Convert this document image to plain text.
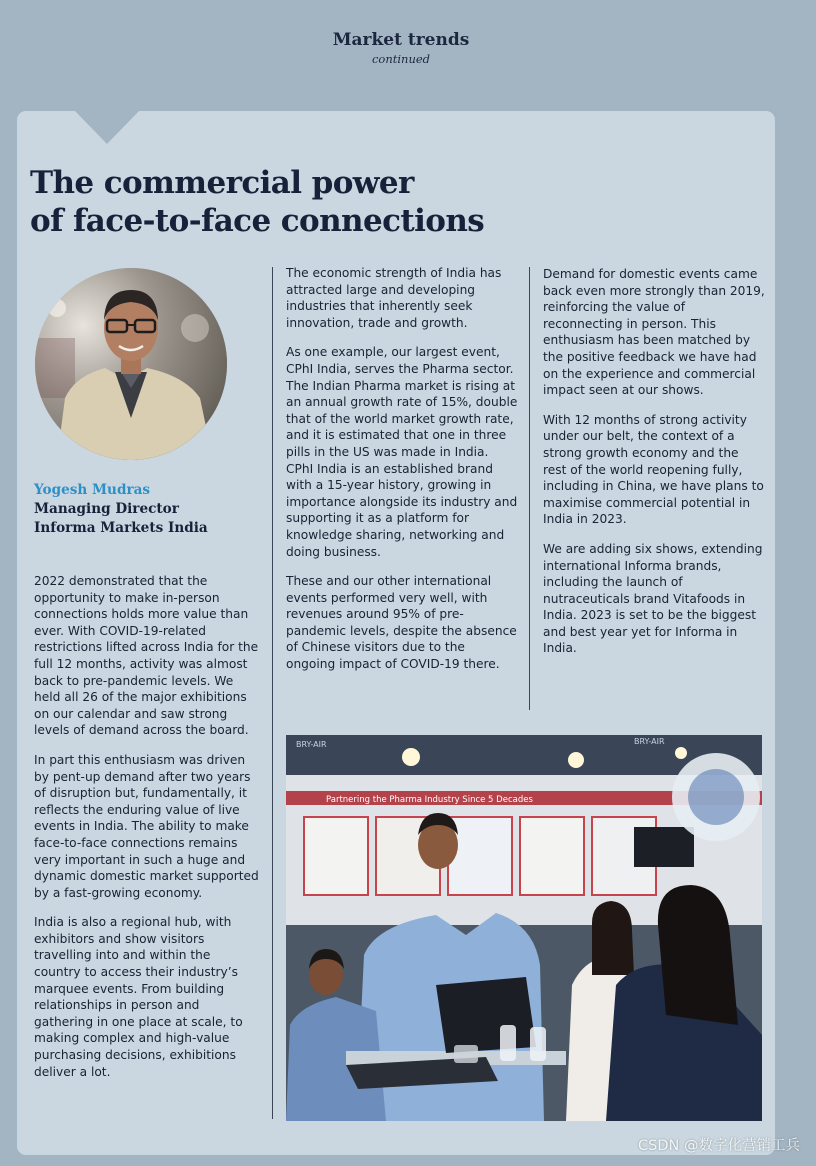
Market trends
continued
The commercial power
of face-to-face connections
Yogesh Mudras
Managing Director
Informa Markets India

2022 demonstrated that the opportunity to make in-person connections holds more value than ever. With COVID-19-related restrictions lifted across India for the full 12 months, activity was almost back to pre-pandemic levels. We held all 26 of the major exhibitions on our calendar and saw strong levels of demand across the board.

In part this enthusiasm was driven by pent-up demand after two years of disruption but, fundamentally, it reflects the enduring value of live events in India. The ability to make face-to-face connections remains very important in such a huge and dynamic domestic market supported by a fast-growing economy.

India is also a regional hub, with exhibitors and show visitors travelling into and within the country to access their industry’s marquee events. From building relationships in person and gathering in one place at scale, to making complex and high-value purchasing decisions, exhibitions deliver a lot.

The economic strength of India has attracted large and developing industries that inherently seek innovation, trade and growth.

As one example, our largest event, CPhI India, serves the Pharma sector. The Indian Pharma market is rising at an annual growth rate of 15%, double that of the world market growth rate, and it is estimated that one in three pills in the US was made in India. CPhI India is an established brand with a 15-year history, growing in importance alongside its industry and supporting it as a platform for knowledge sharing, networking and doing business.

These and our other international events performed very well, with revenues around 95% of pre-pandemic levels, despite the absence of Chinese visitors due to the ongoing impact of COVID-19 there.

Demand for domestic events came back even more strongly than 2019, reinforcing the value of reconnecting in person. This enthusiasm has been matched by the positive feedback we have had on the experience and commercial impact seen at our shows.

With 12 months of strong activity under our belt, the context of a strong growth economy and the rest of the world reopening fully, including in China, we have plans to maximise commercial potential in India in 2023.

We are adding six shows, extending international Informa brands, including the launch of nutraceuticals brand Vitafoods in India. 2023 is set to be the biggest and best year yet for Informa in India.

BRY-AIR	BRY-AIR
Partnering the Pharma Industry Since 5 Decades
CSDN @数字化营销工兵
